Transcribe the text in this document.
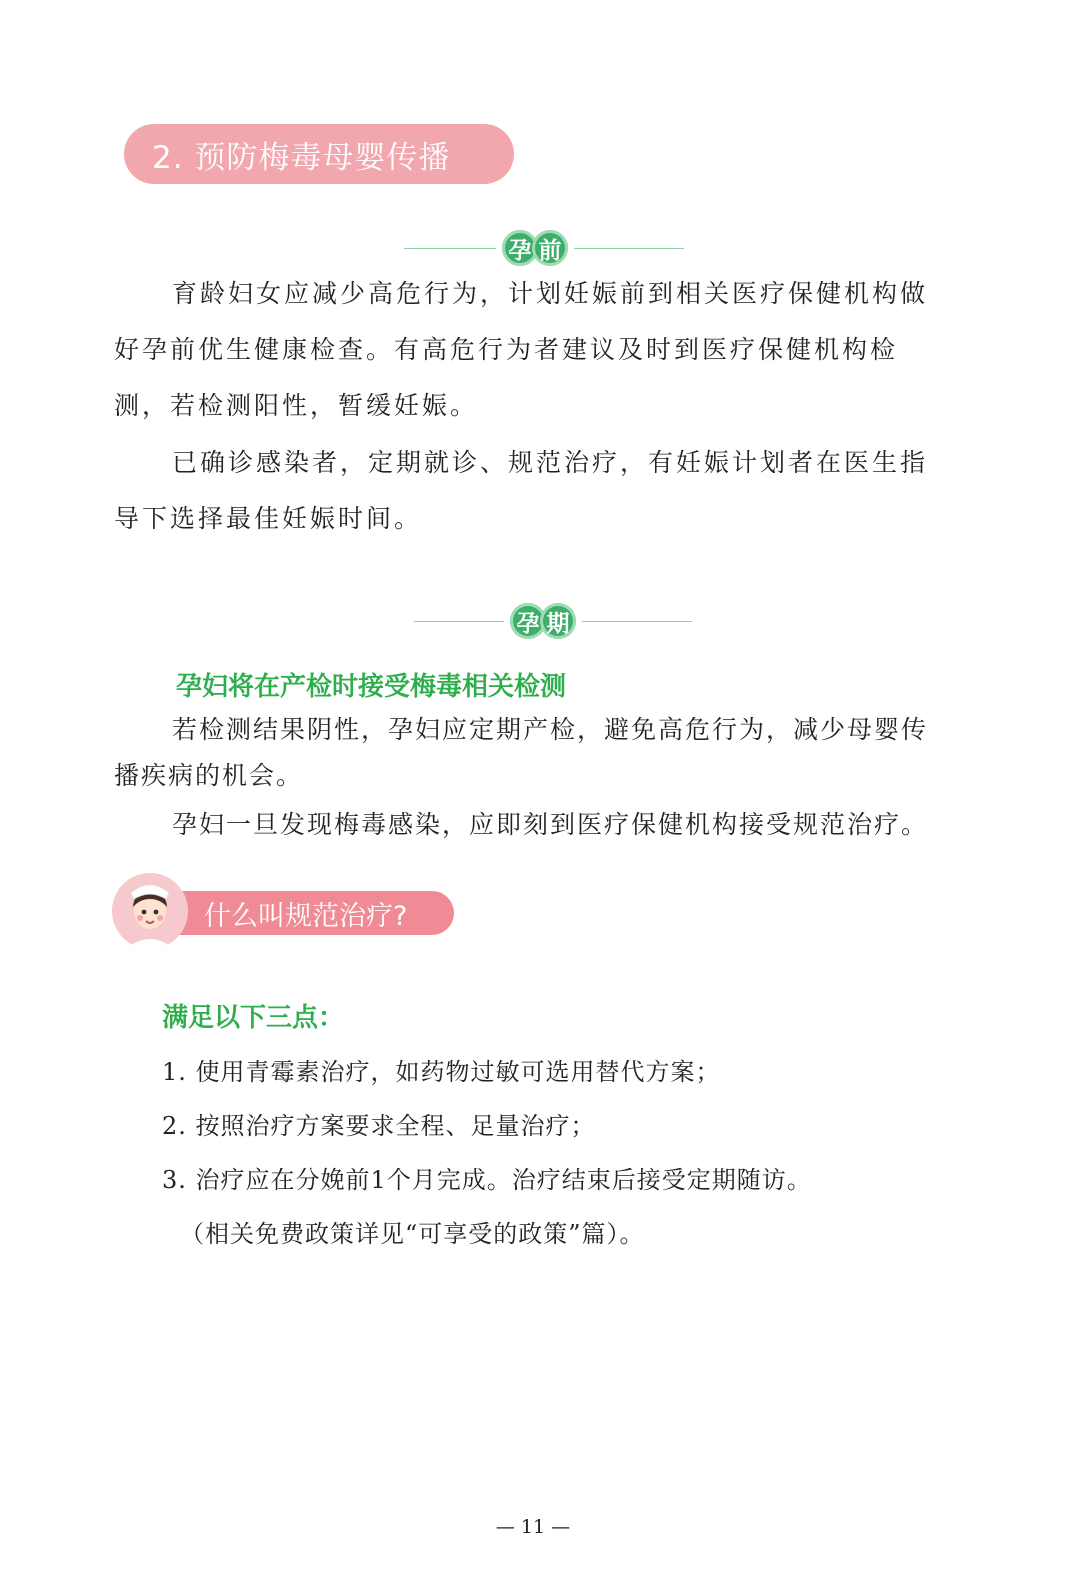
2. 预防梅毒母婴传播
孕 前

育龄妇女应减少高危行为，计划妊娠前到相关医疗保健机构做好孕前优生健康检查。有高危行为者建议及时到医疗保健机构检测，若检测阳性，暂缓妊娠。

已确诊感染者，定期就诊、规范治疗，有妊娠计划者在医生指导下选择最佳妊娠时间。

孕 期
孕妇将在产检时接受梅毒相关检测

若检测结果阴性，孕妇应定期产检，避免高危行为，减少母婴传播疾病的机会。

孕妇一旦发现梅毒感染，应即刻到医疗保健机构接受规范治疗。

什么叫规范治疗?
满足以下三点：

1. 使用青霉素治疗，如药物过敏可选用替代方案；

2. 按照治疗方案要求全程、足量治疗；

3. 治疗应在分娩前1个月完成。治疗结束后接受定期随访。

（相关免费政策详见“可享受的政策”篇）。

— 11 —
